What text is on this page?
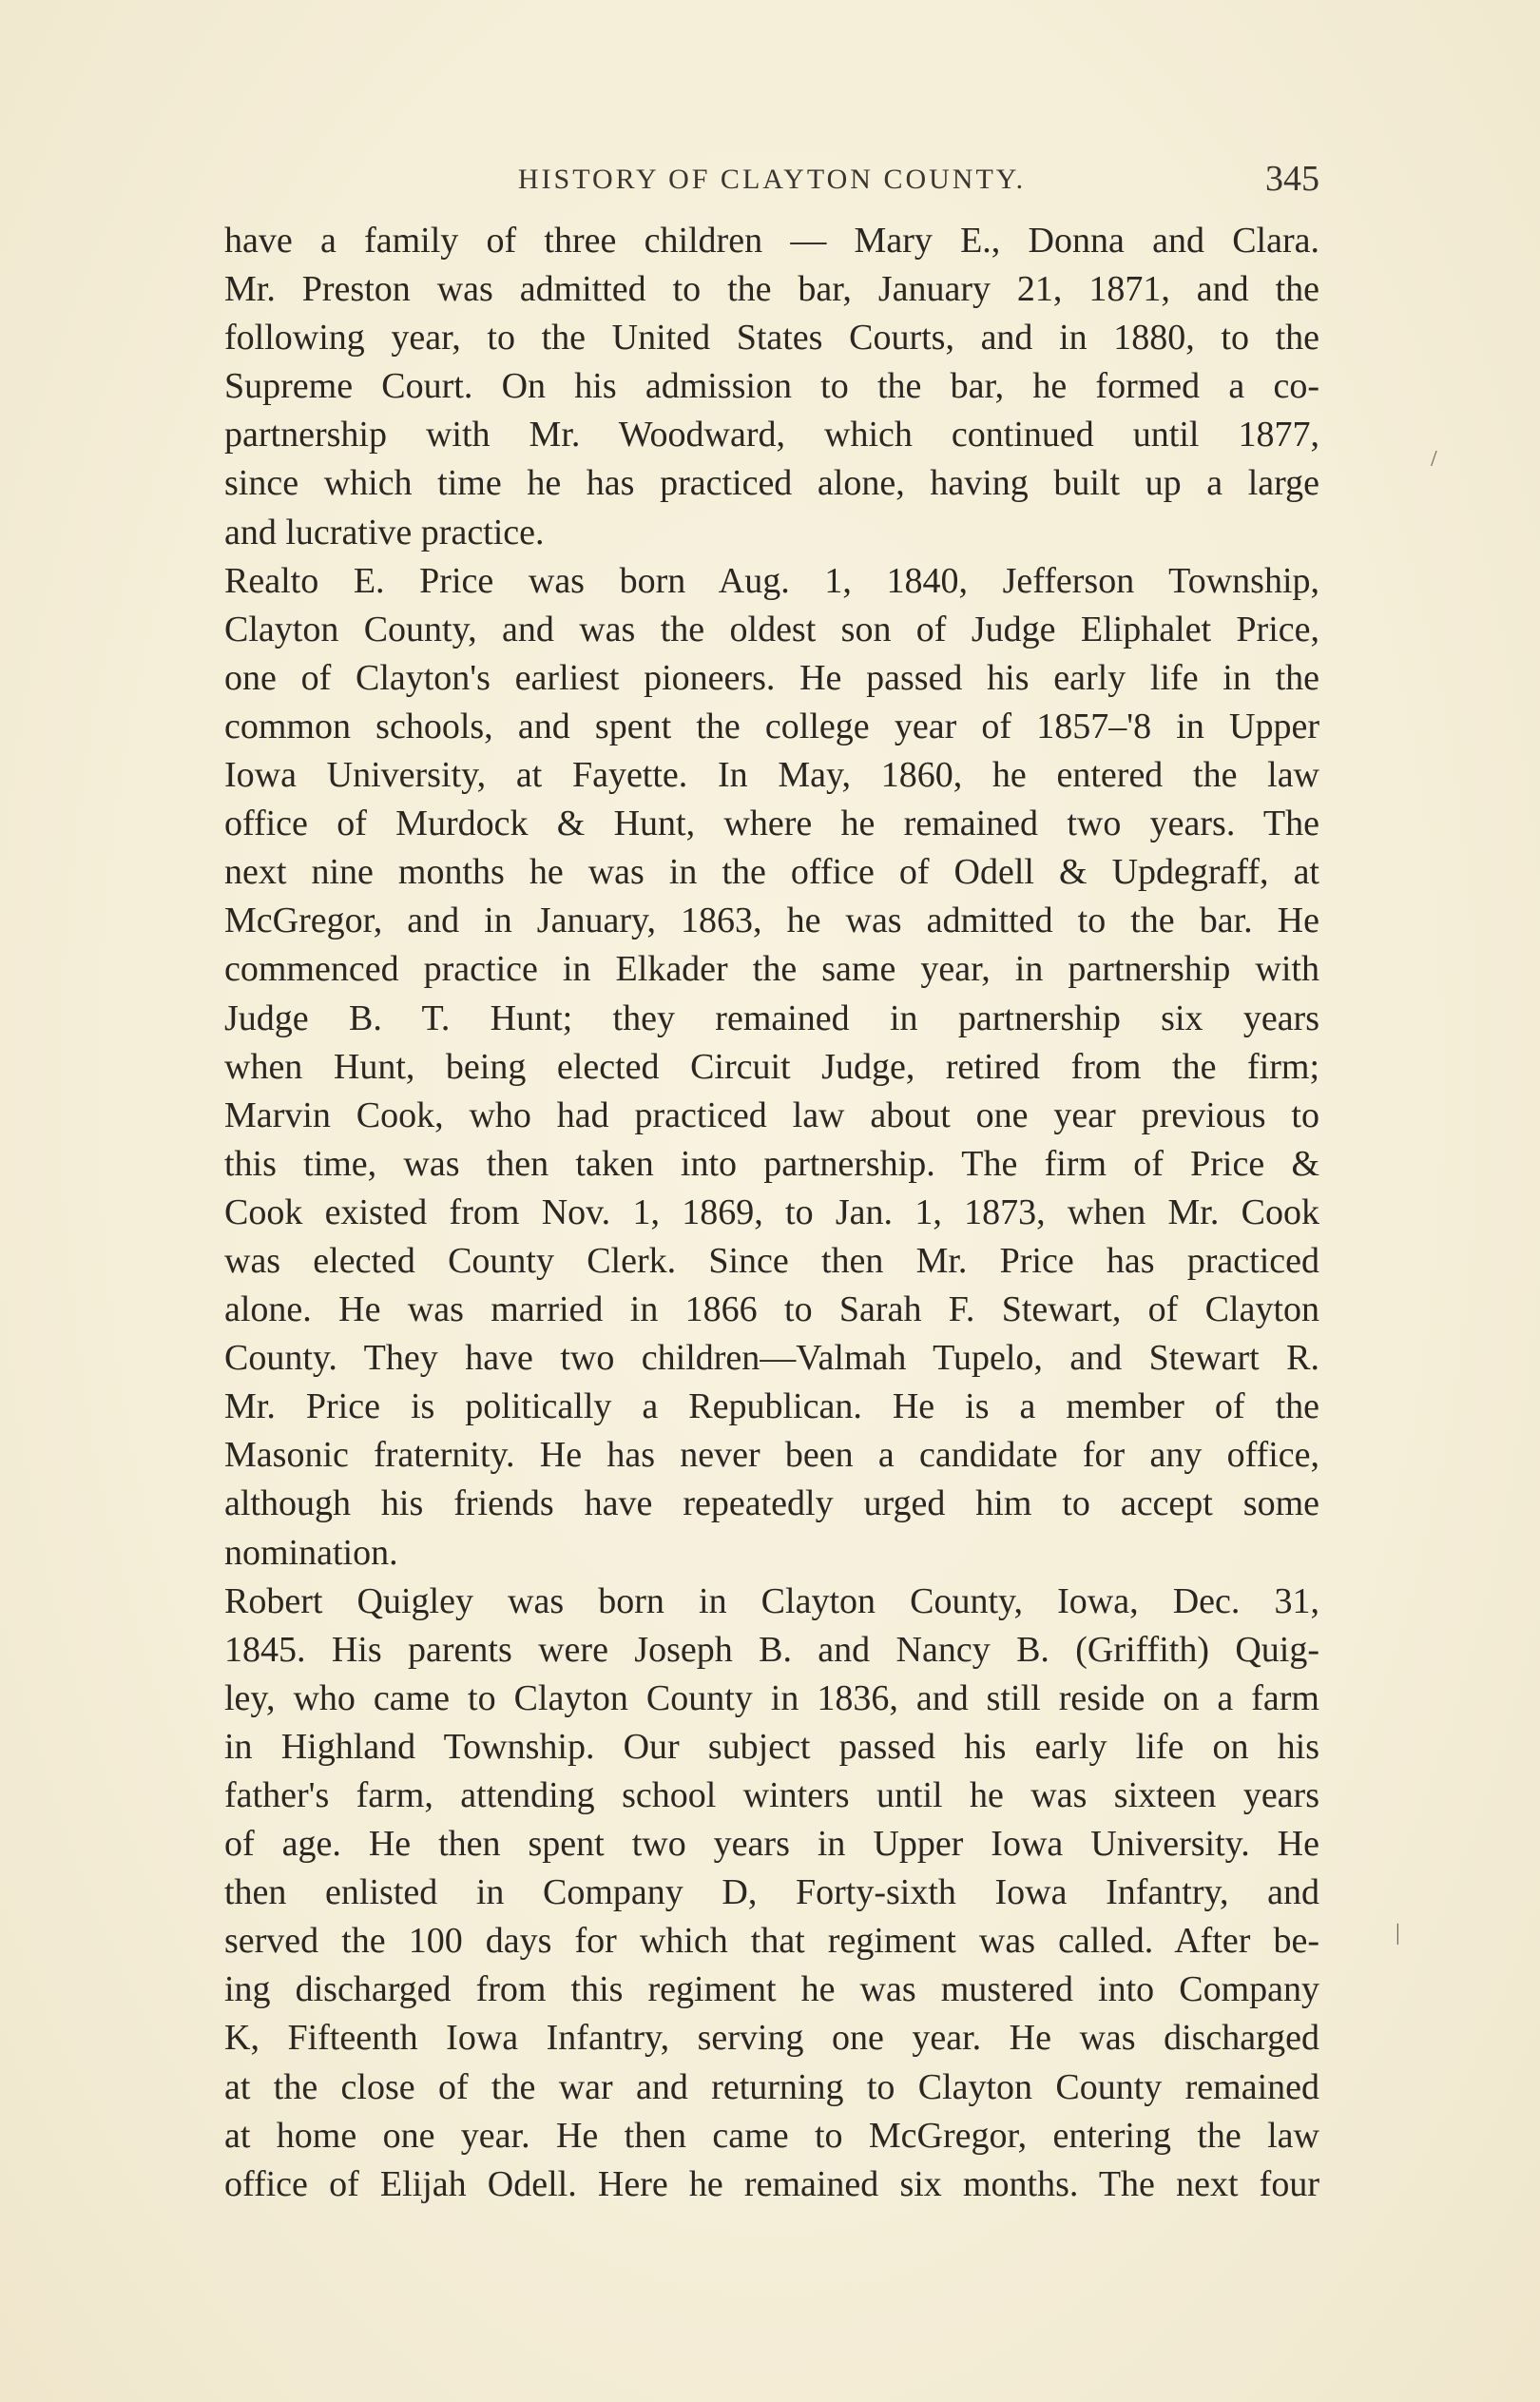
HISTORY OF CLAYTON COUNTY.	345
have a family of three children — Mary E., Donna and Clara.
Mr. Preston was admitted to the bar, January 21, 1871, and the
following year, to the United States Courts, and in 1880, to the
Supreme Court. On his admission to the bar, he formed a co-
partnership with Mr. Woodward, which continued until 1877,
since which time he has practiced alone, having built up a large
and lucrative practice.
Realto E. Price was born Aug. 1, 1840, Jefferson Township,
Clayton County, and was the oldest son of Judge Eliphalet Price,
one of Clayton's earliest pioneers. He passed his early life in the
common schools, and spent the college year of 1857–'8 in Upper
Iowa University, at Fayette. In May, 1860, he entered the law
office of Murdock & Hunt, where he remained two years. The
next nine months he was in the office of Odell & Updegraff, at
McGregor, and in January, 1863, he was admitted to the bar. He
commenced practice in Elkader the same year, in partnership with
Judge B. T. Hunt; they remained in partnership six years
when Hunt, being elected Circuit Judge, retired from the firm;
Marvin Cook, who had practiced law about one year previous to
this time, was then taken into partnership. The firm of Price &
Cook existed from Nov. 1, 1869, to Jan. 1, 1873, when Mr. Cook
was elected County Clerk. Since then Mr. Price has practiced
alone. He was married in 1866 to Sarah F. Stewart, of Clayton
County. They have two children—Valmah Tupelo, and Stewart R.
Mr. Price is politically a Republican. He is a member of the
Masonic fraternity. He has never been a candidate for any office,
although his friends have repeatedly urged him to accept some
nomination.
Robert Quigley was born in Clayton County, Iowa, Dec. 31,
1845. His parents were Joseph B. and Nancy B. (Griffith) Quig-
ley, who came to Clayton County in 1836, and still reside on a farm
in Highland Township. Our subject passed his early life on his
father's farm, attending school winters until he was sixteen years
of age. He then spent two years in Upper Iowa University. He
then enlisted in Company D, Forty-sixth Iowa Infantry, and
served the 100 days for which that regiment was called. After be-
ing discharged from this regiment he was mustered into Company
K, Fifteenth Iowa Infantry, serving one year. He was discharged
at the close of the war and returning to Clayton County remained
at home one year. He then came to McGregor, entering the law
office of Elijah Odell. Here he remained six months. The next four
/
|
